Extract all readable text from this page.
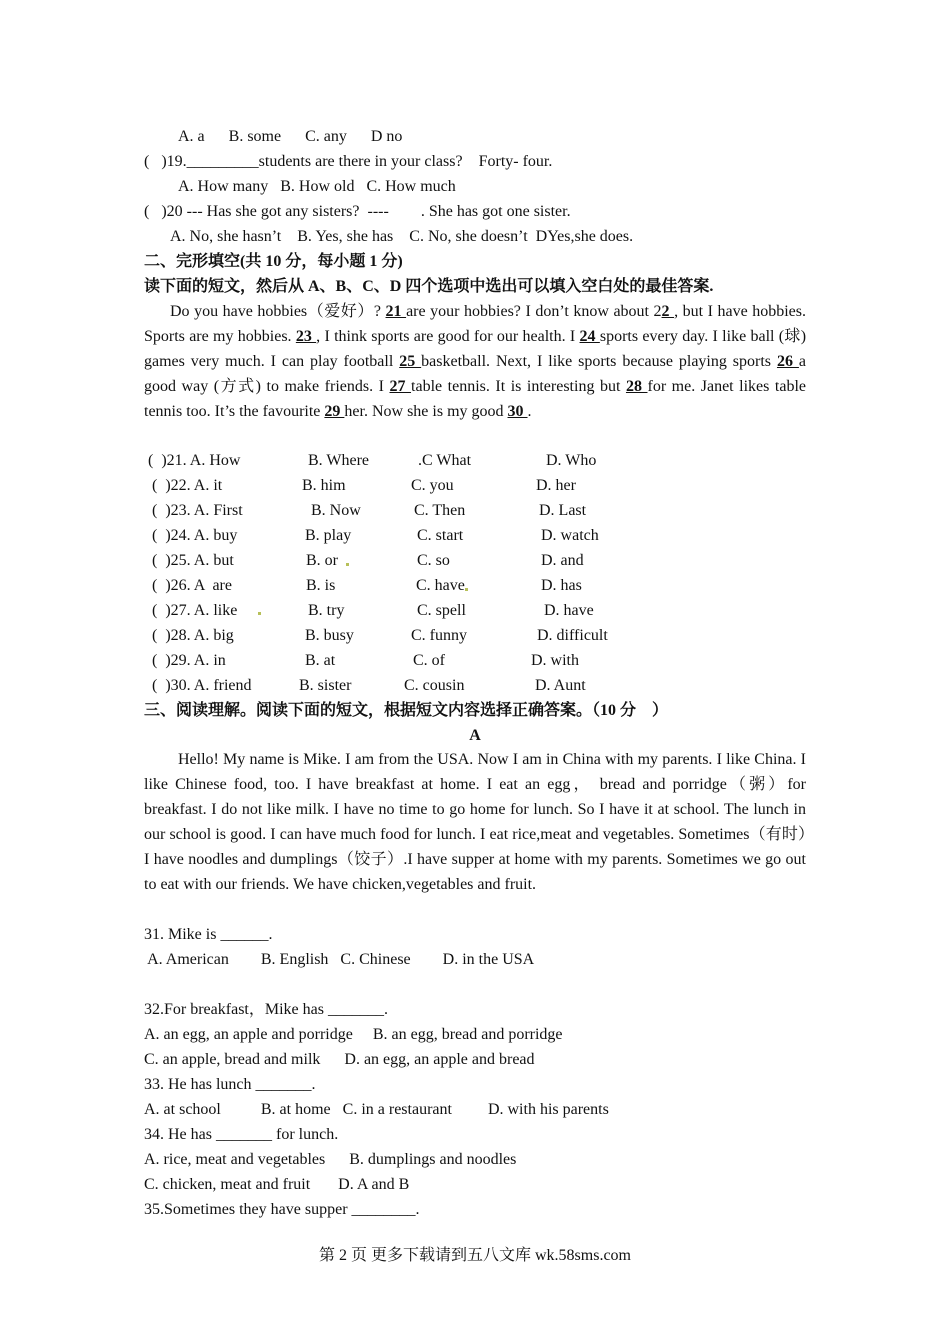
A. a      B. some      C. any      D no
(   )19._________students are there in your class?    Forty- four.
A. How many   B. How old   C. How much
(   )20 --- Has she got any sisters?  ----        . She has got one sister.
A. No, she hasn’t    B. Yes, she has    C. No, she doesn’t  DYes,she does.
二、完形填空(共 10 分，每小题 1 分)
读下面的短文，然后从 A、B、C、D 四个选项中选出可以填入空白处的最佳答案.

Do you have hobbies（爱好）? 21 are your hobbies? I don’t know about 22 , but I have hobbies. Sports are my hobbies. 23 , I think sports are good for our health. I 24 sports every day. I like ball (球) games very much. I can play football 25 basketball. Next, I like sports because playing sports 26 a good way (方式) to make friends. I 27 table tennis. It is interesting but 28 for me. Janet likes table tennis too. It’s the favourite 29 her. Now she is my good 30 .

(  )21. A. How	B. Where	.C What	D. Who
(  )22. A. it	B. him	C. you	D. her
(  )23. A. First	B. Now	C. Then	D. Last
(  )24. A. buy	B. play	C. start	D. watch
(  )25. A. but	B. or	C. so	D. and
(  )26. A  are	B. is	C. have	D. has
(  )27. A. like	B. try	C. spell	D. have
(  )28. A. big	B. busy	C. funny	D. difficult
(  )29. A. in	B. at	C. of	D. with
(  )30. A. friend	B. sister	C. cousin	D. Aunt
三、阅读理解。阅读下面的短文，根据短文内容选择正确答案。（10 分    ）
A

Hello! My name is Mike. I am from the USA. Now I am in China with my parents. I like China. I like Chinese food, too. I have breakfast at home. I eat an egg， bread and porridge（粥）for breakfast. I do not like milk. I have no time to go home for lunch. So I have it at school. The lunch in our school is good. I can have much food for lunch. I eat rice,meat and vegetables. Sometimes（有时）I have noodles and dumplings（饺子）.I have supper at home with my parents. Sometimes we go out to eat with our friends. We have chicken,vegetables and fruit.

31. Mike is ______.
A. American        B. English   C. Chinese        D. in the USA
32.For breakfast，Mike has _______.
A. an egg, an apple and porridge     B. an egg, bread and porridge
C. an apple, bread and milk      D. an egg, an apple and bread
33. He has lunch _______.
A. at school          B. at home   C. in a restaurant         D. with his parents
34. He has _______ for lunch.
A. rice, meat and vegetables      B. dumplings and noodles
C. chicken, meat and fruit       D. A and B
35.Sometimes they have supper ________.
第 2 页 更多下载请到五八文库 wk.58sms.com
